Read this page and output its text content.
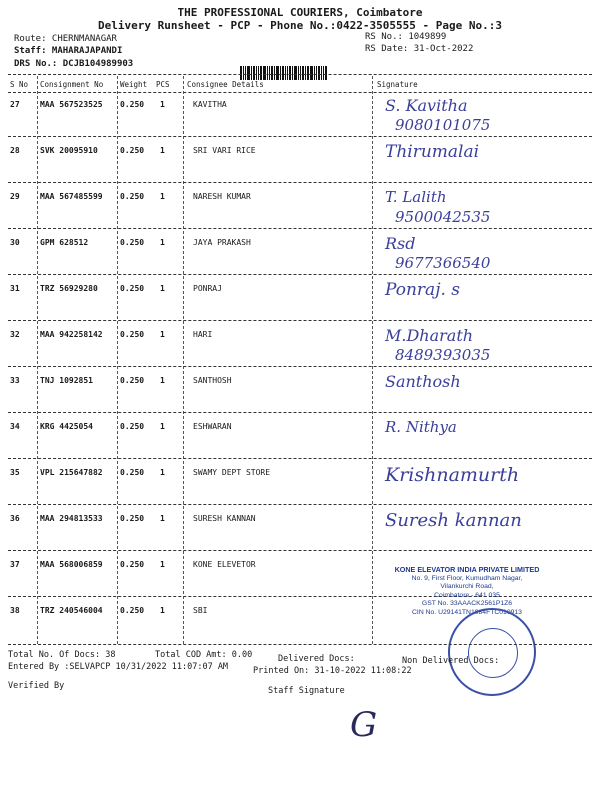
THE PROFESSIONAL COURIERS, Coimbatore
Delivery Runsheet - PCP - Phone No.:0422-3505555 - Page No.:3
Route: CHERNMANAGAR
Staff: MAHARAJAPANDI
DRS No.: DCJB104989903
RS No.: 1049899
RS Date: 31-Oct-2022
S No Consignment No Weight PCS Consignee Details	Signature
27	MAA 567523525 0.250 1	KAVITHA	S. Kavitha
9080101075
28	SVK 20095910	0.250 1	SRI VARI RICE	Thirumalai
29	MAA 567485599 0.250 1	NARESH KUMAR	T. Lalith
9500042535
30	GPM 628512	0.250 1	JAYA PRAKASH	Rsd
9677366540
31	TRZ 56929280	0.250 1	PONRAJ	Ponraj. s
32	MAA 942258142 0.250 1	HARI	M.Dharath
8489393035
33	TNJ 1092851	0.250 1	SANTHOSH	Santhosh
34	KRG 4425054	0.250 1	ESHWARAN	R. Nithya
35	VPL 215647882 0.250 1	SWAMY DEPT STORE	Krishnamurth
36	MAA 294813533 0.250 1	SURESH KANNAN	Suresh kannan
37	MAA 568006859 0.250 1	KONE ELEVETOR
38	TRZ 240546004 0.250 1	SBI
KONE ELEVATOR INDIA PRIVATE LIMITED
No. 9, First Floor, Kumudham Nagar,
Vilankurchi Road,
Coimbatore - 641 035
GST No. 33AAACK2561P1Z6
CIN No. U29141TN1984FTC010913
Total No. Of Docs: 38	Total COD Amt: 0.00	Delivered Docs:	Non Delivered Docs:
Entered By :SELVAPCP 10/31/2022 11:07:07 AM	Printed On: 31-10-2022 11:08:22
Verified By	Staff Signature
G
